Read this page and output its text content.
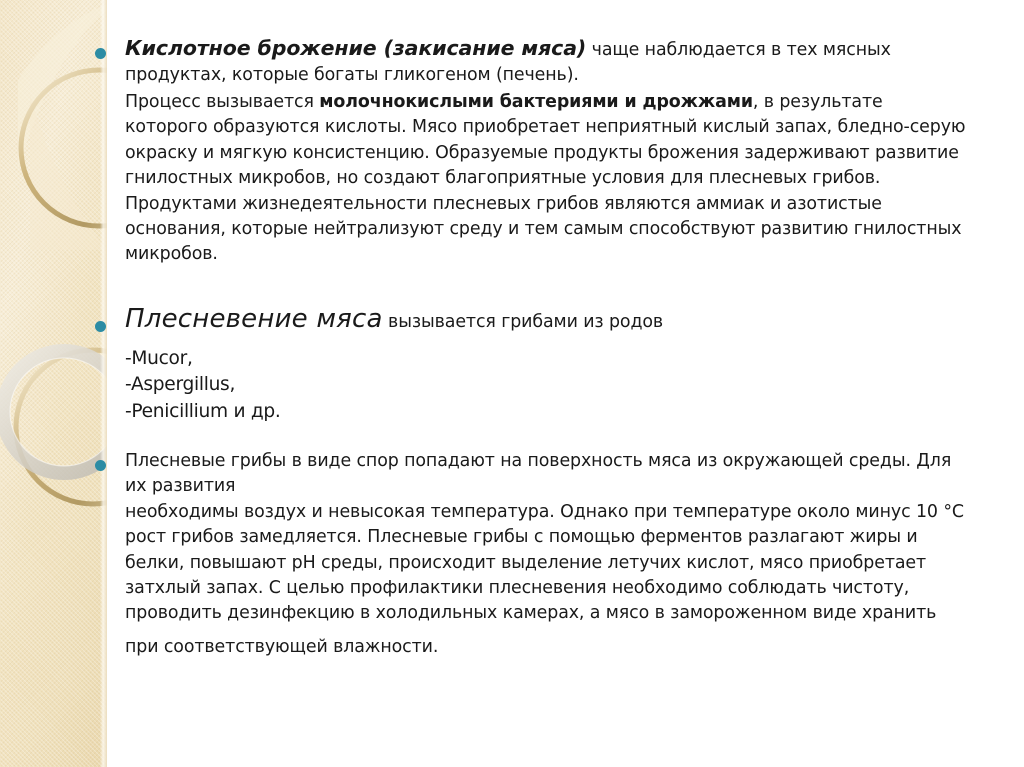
Кислотное брожение (закисание мяса) чаще наблюдается в тех мясных продуктах, которые богаты гликогеном (печень).

Процесс вызывается молочнокислыми бактериями и дрожжами, в результате которого образуются кислоты. Мясо приобретает неприятный кислый запах, бледно-серую окраску и мягкую консистенцию. Образуемые продукты брожения задерживают развитие гнилостных микробов, но создают благоприятные условия для плесневых грибов. Продуктами жизнедеятельности плесневых грибов являются аммиак и азотистые основания, которые нейтрализуют среду и тем самым способствуют развитию гнилостных микробов.

Плесневение мяса вызывается грибами из родов

-Mucor,

-Aspergillus,

-Penicillium и др.

Плесневые грибы в виде спор попадают на поверхность мяса из окружающей среды. Для их развития
необходимы воздух и невысокая температура. Однако при температуре около минус 10 °С рост грибов замедляется. Плесневые грибы с помощью ферментов разлагают жиры и белки, повышают рН среды, происходит выделение летучих кислот, мясо приобретает затхлый запах. С целью профилактики плесневения необходимо соблюдать чистоту, проводить дезинфекцию в холодильных камерах, а мясо в замороженном виде хранить
при соответствующей влажности.
